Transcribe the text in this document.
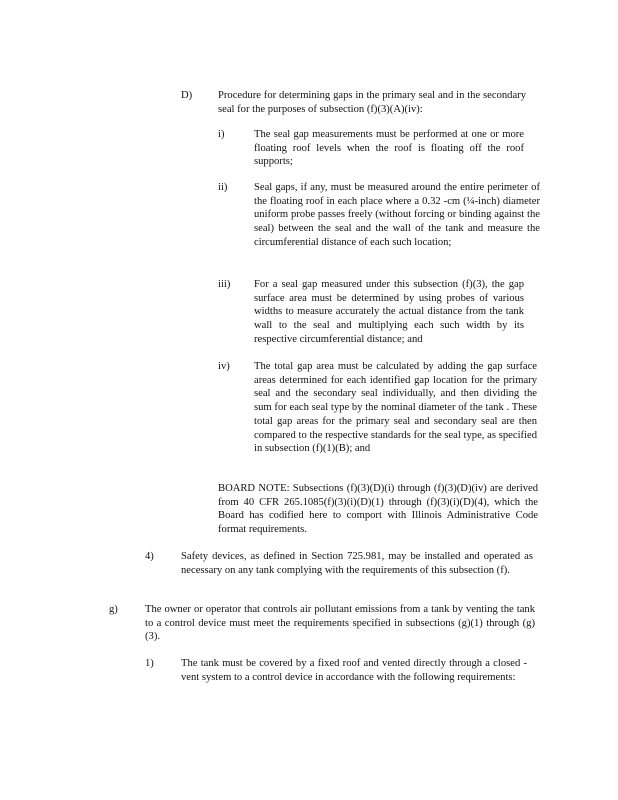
D) Procedure for determining gaps in the primary seal and in the secondary seal for the purposes of subsection (f)(3)(A)(iv):
i)	The seal gap measurements must be performed at one or more floating roof levels when the roof is floating off the roof supports;
ii)	Seal gaps, if any, must be measured around the entire perimeter of the floating roof in each place where a 0.32 -cm (¼-inch) diameter uniform probe passes freely (without forcing or binding against the seal) between the seal and the wall of the tank and measure the circumferential distance of each such location;
iii) For a seal gap measured under this subsection (f)(3), the gap surface area must be determined by using probes of various widths to measure accurately the actual distance from the tank wall to the seal and multiplying each such width by its respective circumferential distance; and
iv) The total gap area must be calculated by adding the gap surface areas determined for each identified gap location for the primary seal and the secondary seal individually, and then dividing the sum for each seal type by the nominal diameter of the tank . These total gap areas for the primary seal and secondary seal are then compared to the respective standards for the seal type, as specified in subsection (f)(1)(B); and
BOARD NOTE: Subsections (f)(3)(D)(i) through (f)(3)(D)(iv) are derived from 40 CFR 265.1085(f)(3)(i)(D)(1) through (f)(3)(i)(D)(4), which the Board has codified here to comport with Illinois Administrative Code format requirements.
4)	Safety devices, as defined in Section 725.981, may be installed and operated as necessary on any tank complying with the requirements of this subsection (f).
g)	The owner or operator that controls air pollutant emissions from a tank by venting the tank to a control device must meet the requirements specified in subsections (g)(1) through (g)(3).
1)	The tank must be covered by a fixed roof and vented directly through a closed -vent system to a control device in accordance with the following requirements:
